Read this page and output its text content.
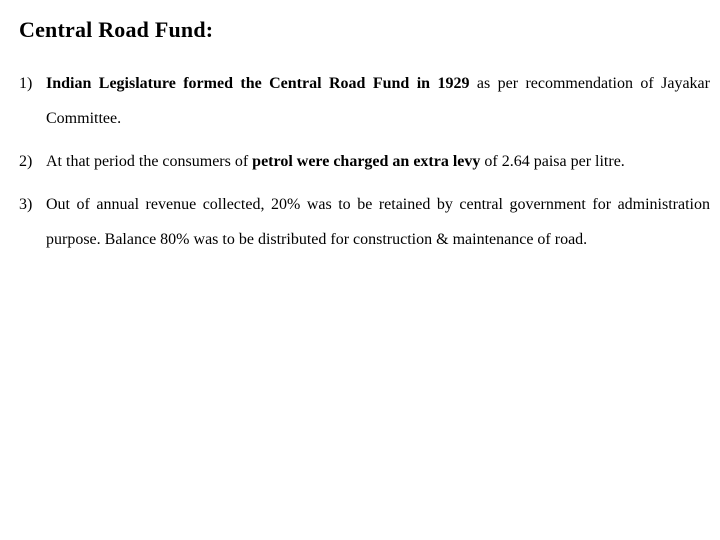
Central Road Fund:
1) Indian Legislature formed the Central Road Fund in 1929 as per recommendation of Jayakar Committee.
2) At that period the consumers of petrol were charged an extra levy of 2.64 paisa per litre.
3) Out of annual revenue collected, 20% was to be retained by central government for administration purpose. Balance 80% was to be distributed for construction & maintenance of road.
